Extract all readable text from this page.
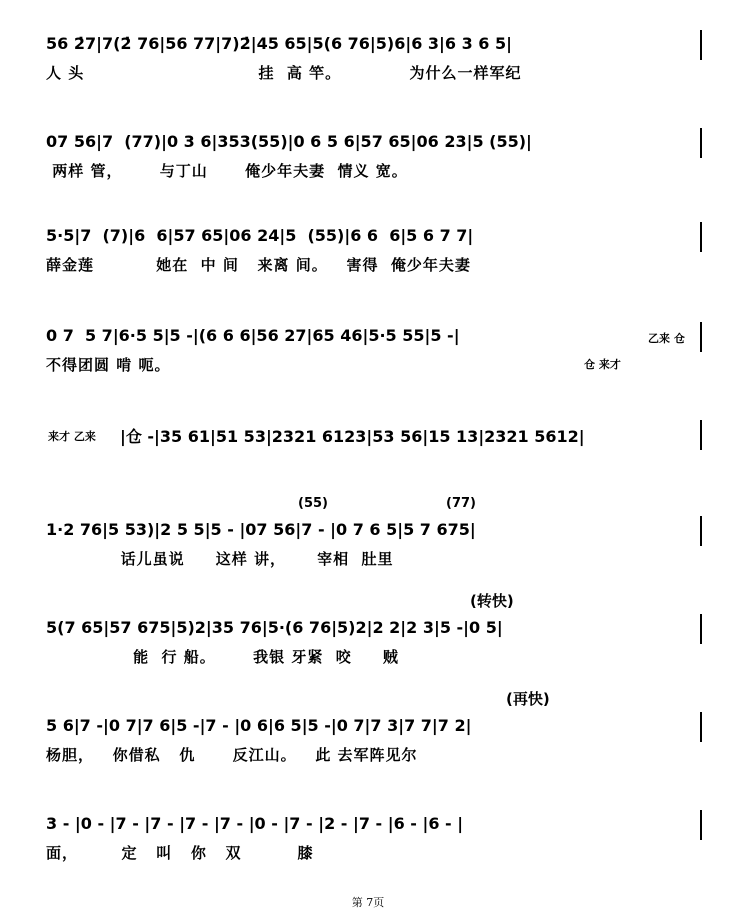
56 2̇7|7(2̇ 76|56 77|7)2̇|45 65|5(6 76|5)6|6 3|6 3 6 5|
人 头                            挂  高 竿。           为什么一样军纪
07 56|7  (77)|0 3 6|353(55)|0 6 5 6|57 65|06 23|5 (55)|
两样 管，      与丁山      俺少年夫妻  情义 宽。
5·5|7  (7)|6  6|57 65|06 24|5  (55)|6 6  6|5 6 7 7|
薛金莲          她在  中 间   来离 间。   害得  俺少年夫妻
0 7  5 7|6·5 5|5 -|(6 6 6|56 27|65 46|5·5 55|5 -|
不得团圆 啃 呃。
乙来 仓
仓 来才
来才 乙来 |仓 -|35 61|51 53|2321 6123|53 56|15 13|2321 5612|
(55)	(77)
1·2 76|5 53)|2 5 5|5 - |07 56|7 - |0 7 6 5|5 7 675|
话儿虽说     这样 讲，     宰相  肚里
(转快)
5(7 65|57 675|5)2|35 76|5·(6 76|5)2|2 2|2 3|5 -|0 5|
能  行 船。      我银 牙紧  咬     贼
(再快)
5 6|7 -|0 7|7 6|5 -|7 - |0 6|6 5|5 -|0 7|7 3|7 7|7 2|
杨胆，   你借私   仇      反江山。   此 去军阵见尔
3 - |0 - |7 - |7 - |7 - |7 - |0 - |7 - |2 - |7 - |6 - |6 - |
面，       定   叫   你   双         膝
第 7页
